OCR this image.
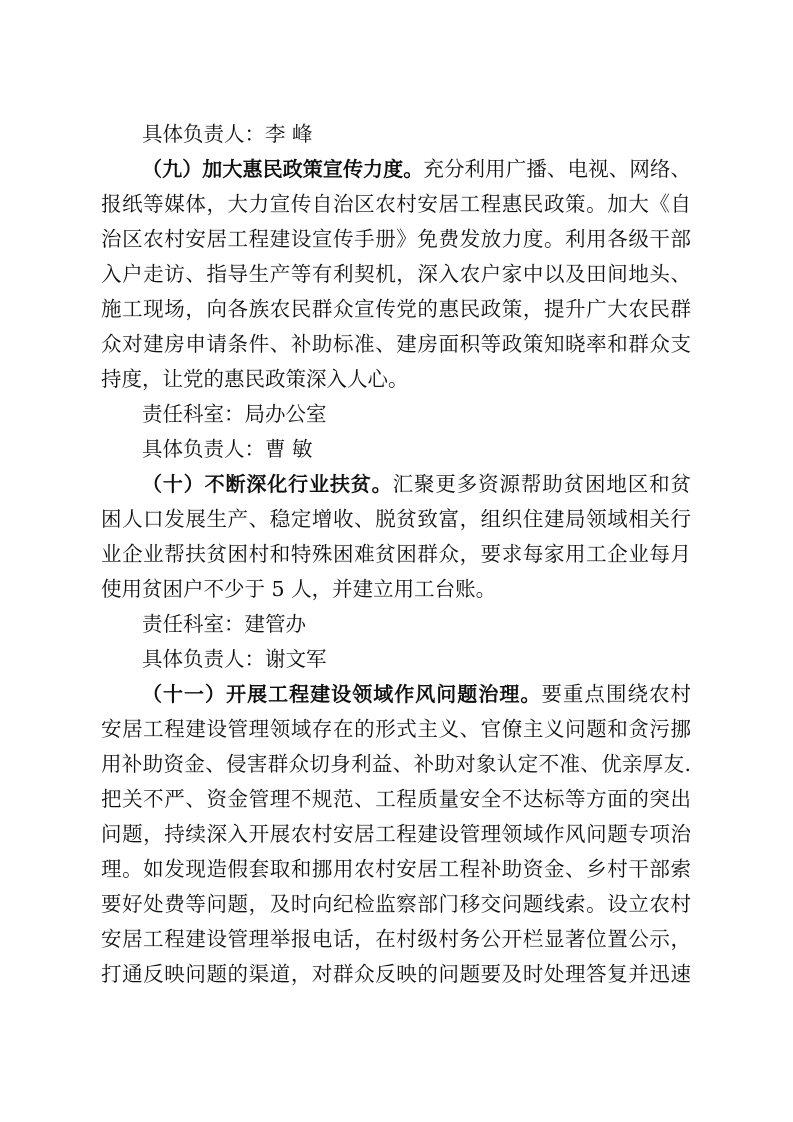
具体负责人：李 峰
（九）加大惠民政策宣传力度。充分利用广播、电视、网络、
报纸等媒体，大力宣传自治区农村安居工程惠民政策。加大《自
治区农村安居工程建设宣传手册》免费发放力度。利用各级干部
入户走访、指导生产等有利契机，深入农户家中以及田间地头、
施工现场，向各族农民群众宣传党的惠民政策，提升广大农民群
众对建房申请条件、补助标准、建房面积等政策知晓率和群众支
持度，让党的惠民政策深入人心。
责任科室：局办公室
具体负责人：曹 敏
（十）不断深化行业扶贫。汇聚更多资源帮助贫困地区和贫
困人口发展生产、稳定增收、脱贫致富，组织住建局领域相关行
业企业帮扶贫困村和特殊困难贫困群众，要求每家用工企业每月
使用贫困户不少于 5 人，并建立用工台账。
责任科室：建管办
具体负责人：谢文军
（十一）开展工程建设领域作风问题治理。要重点围绕农村
安居工程建设管理领域存在的形式主义、官僚主义问题和贪污挪
用补助资金、侵害群众切身利益、补助对象认定不准、优亲厚友.
把关不严、资金管理不规范、工程质量安全不达标等方面的突出
问题，持续深入开展农村安居工程建设管理领域作风问题专项治
理。如发现造假套取和挪用农村安居工程补助资金、乡村干部索
要好处费等问题，及时向纪检监察部门移交问题线索。设立农村
安居工程建设管理举报电话，在村级村务公开栏显著位置公示，
打通反映问题的渠道，对群众反映的问题要及时处理答复并迅速
